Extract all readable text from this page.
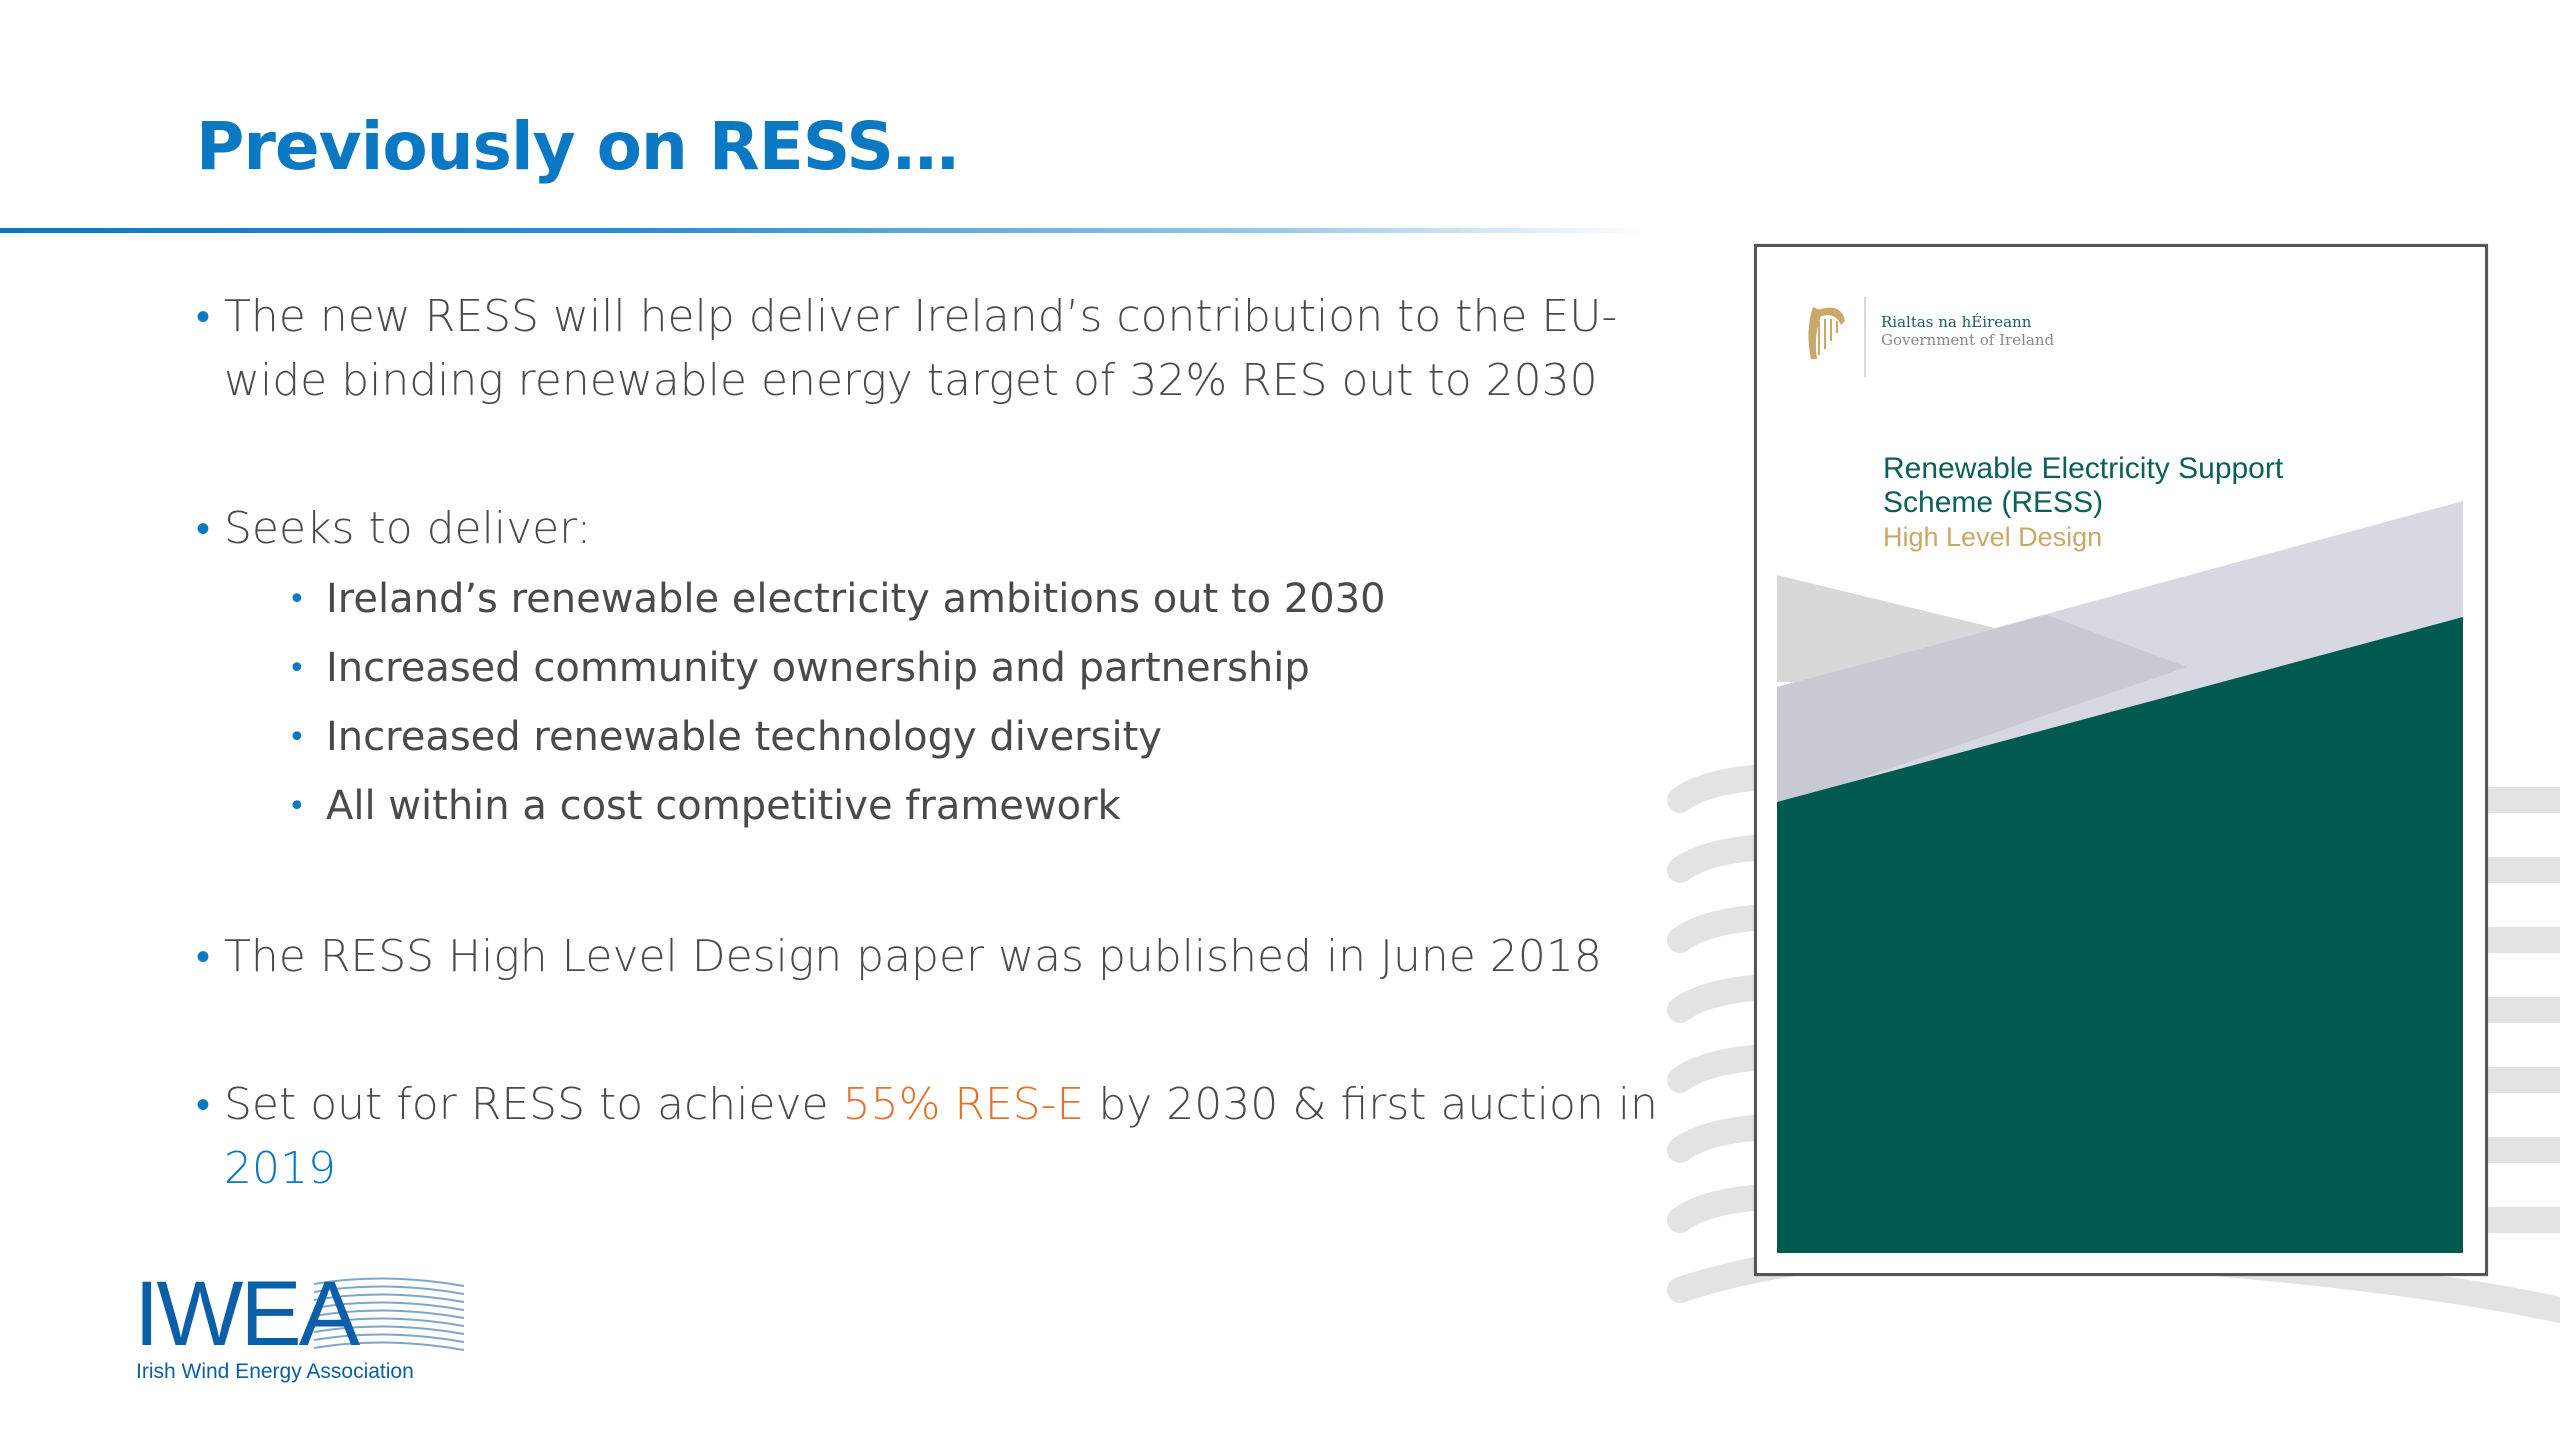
Previously on RESS…
• The new RESS will help deliver Ireland’s contribution to the EU-wide binding renewable energy target of 32% RES out to 2030
• Seeks to deliver:
• Ireland’s renewable electricity ambitions out to 2030
• Increased community ownership and partnership
• Increased renewable technology diversity
• All within a cost competitive framework
• The RESS High Level Design paper was published in June 2018
• Set out for RESS to achieve 55% RES-E by 2030 & first auction in 2019
Rialtas na hÉireann
Government of Ireland
Renewable Electricity Support
Scheme (RESS)
High Level Design
IWEA
Irish Wind Energy Association
